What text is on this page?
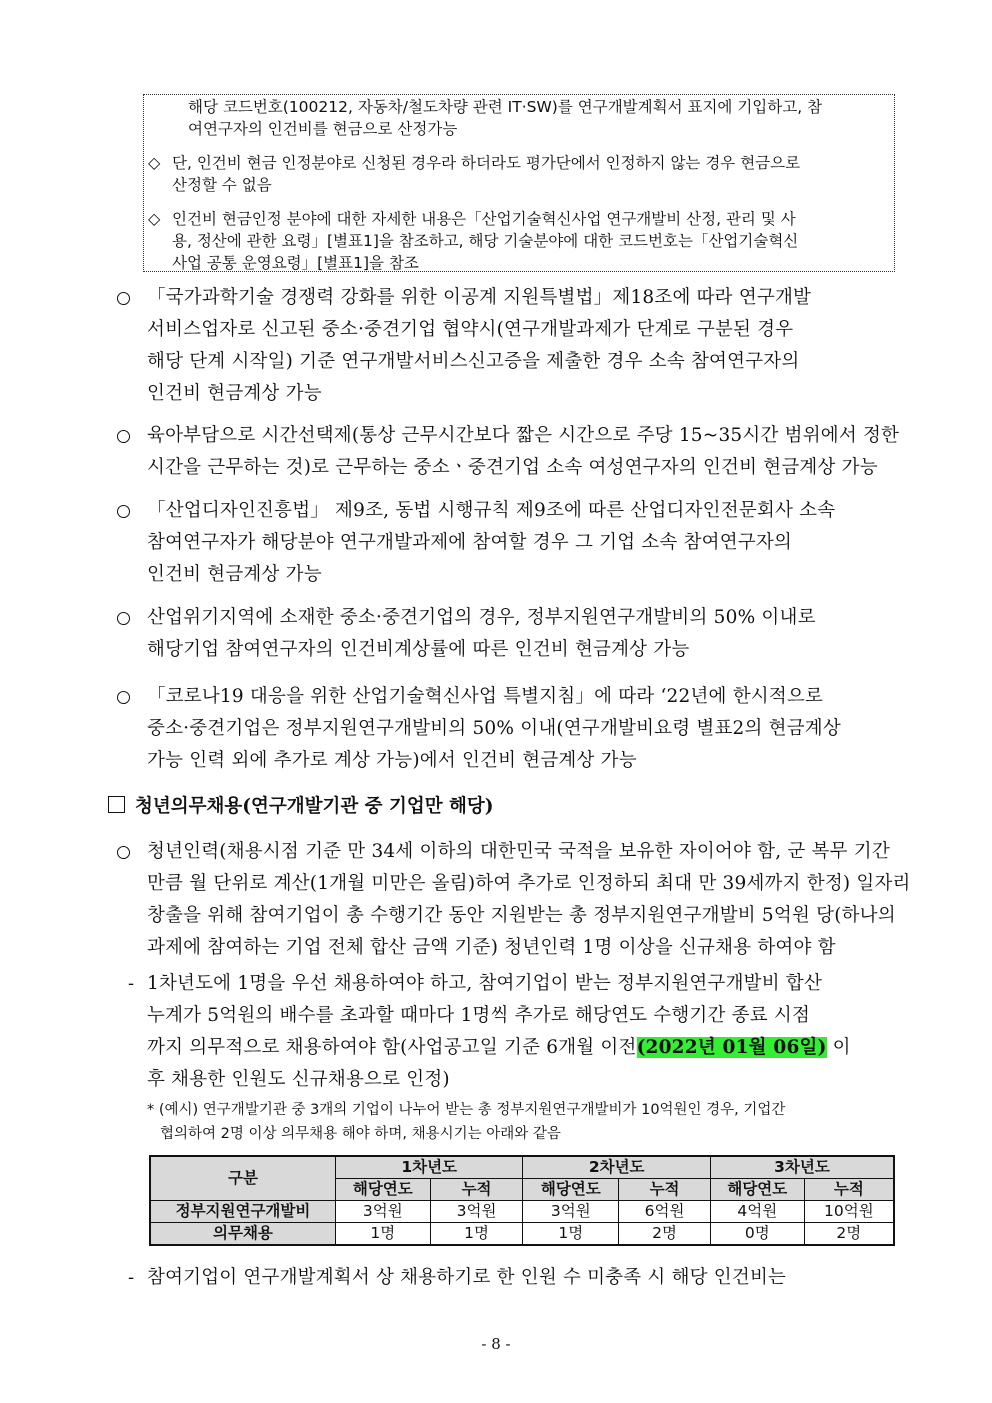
해당 코드번호(100212, 자동차/철도차량 관련 IT·SW)를 연구개발계획서 표지에 기입하고, 참
여연구자의 인건비를 현금으로 산정가능
◇ 단, 인건비 현금 인정분야로 신청된 경우라 하더라도 평가단에서 인정하지 않는 경우 현금으로
산정할 수 없음
◇ 인건비 현금인정 분야에 대한 자세한 내용은「산업기술혁신사업 연구개발비 산정, 관리 및 사
용, 정산에 관한 요령」[별표1]을 참조하고, 해당 기술분야에 대한 코드번호는「산업기술혁신
사업 공통 운영요령」[별표1]을 참조
「국가과학기술 경쟁력 강화를 위한 이공계 지원특별법」제18조에 따라 연구개발
서비스업자로 신고된 중소·중견기업 협약시(연구개발과제가 단계로 구분된 경우
해당 단계 시작일) 기준 연구개발서비스신고증을 제출한 경우 소속 참여연구자의
인건비 현금계상 가능
육아부담으로 시간선택제(통상 근무시간보다 짧은 시간으로 주당 15~35시간 범위에서 정한
시간을 근무하는 것)로 근무하는 중소ㆍ중견기업 소속 여성연구자의 인건비 현금계상 가능
「산업디자인진흥법」 제9조, 동법 시행규칙 제9조에 따른 산업디자인전문회사 소속
참여연구자가 해당분야 연구개발과제에 참여할 경우 그 기업 소속 참여연구자의
인건비 현금계상 가능
산업위기지역에 소재한 중소·중견기업의 경우, 정부지원연구개발비의 50% 이내로
해당기업 참여연구자의 인건비계상률에 따른 인건비 현금계상 가능
「코로나19 대응을 위한 산업기술혁신사업 특별지침」에 따라 ‘22년에 한시적으로
중소·중견기업은 정부지원연구개발비의 50% 이내(연구개발비요령 별표2의 현금계상
가능 인력 외에 추가로 계상 가능)에서 인건비 현금계상 가능
청년의무채용(연구개발기관 중 기업만 해당)
청년인력(채용시점 기준 만 34세 이하의 대한민국 국적을 보유한 자이어야 함, 군 복무 기간
만큼 월 단위로 계산(1개월 미만은 올림)하여 추가로 인정하되 최대 만 39세까지 한정) 일자리
창출을 위해 참여기업이 총 수행기간 동안 지원받는 총 정부지원연구개발비 5억원 당(하나의
과제에 참여하는 기업 전체 합산 금액 기준) 청년인력 1명 이상을 신규채용 하여야 함
- 1차년도에 1명을 우선 채용하여야 하고, 참여기업이 받는 정부지원연구개발비 합산
누계가 5억원의 배수를 초과할 때마다 1명씩 추가로 해당연도 수행기간 종료 시점
까지 의무적으로 채용하여야 함(사업공고일 기준 6개월 이전(2022년 01월 06일) 이
후 채용한 인원도 신규채용으로 인정)
* (예시) 연구개발기관 중 3개의 기업이 나누어 받는 총 정부지원연구개발비가 10억원인 경우, 기업간
협의하여 2명 이상 의무채용 해야 하며, 채용시기는 아래와 같음
구분	1차년도		2차년도		3차년도	
	해당연도	누적	해당연도	누적	해당연도	누적
정부지원연구개발비	3억원	3억원	3억원	6억원	4억원	10억원
의무채용	1명	1명	1명	2명	0명	2명
- 참여기업이 연구개발계획서 상 채용하기로 한 인원 수 미충족 시 해당 인건비는
- 8 -
